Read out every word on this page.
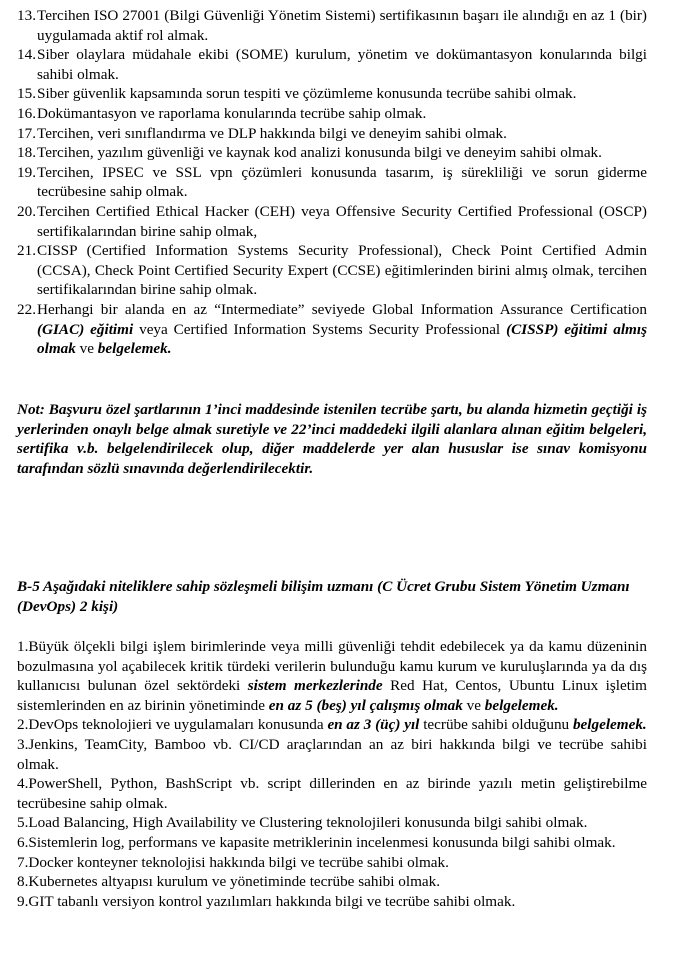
13. Tercihen ISO 27001 (Bilgi Güvenliği Yönetim Sistemi) sertifikasının başarı ile alındığı en az 1 (bir) uygulamada aktif rol almak.
14. Siber olaylara müdahale ekibi (SOME) kurulum, yönetim ve dokümantasyon konularında bilgi sahibi olmak.
15. Siber güvenlik kapsamında sorun tespiti ve çözümleme konusunda tecrübe sahibi olmak.
16. Dokümantasyon ve raporlama konularında tecrübe sahip olmak.
17. Tercihen, veri sınıflandırma ve DLP hakkında bilgi ve deneyim sahibi olmak.
18. Tercihen, yazılım güvenliği ve kaynak kod analizi konusunda bilgi ve deneyim sahibi olmak.
19. Tercihen, IPSEC ve SSL vpn çözümleri konusunda tasarım, iş sürekliliği ve sorun giderme tecrübesine sahip olmak.
20. Tercihen Certified Ethical Hacker (CEH) veya Offensive Security Certified Professional (OSCP) sertifikalarından birine sahip olmak,
21. CISSP (Certified Information Systems Security Professional), Check Point Certified Admin (CCSA), Check Point Certified Security Expert (CCSE) eğitimlerinden birini almış olmak, tercihen sertifikalarından birine sahip olmak.
22. Herhangi bir alanda en az “Intermediate” seviyede Global Information Assurance Certification (GIAC) eğitimi veya Certified Information Systems Security Professional (CISSP) eğitimi almış olmak ve belgelemek.

Not: Başvuru özel şartlarının 1’inci maddesinde istenilen tecrübe şartı, bu alanda hizmetin geçtiği iş yerlerinden onaylı belge almak suretiyle ve 22’inci maddedeki ilgili alanlara alınan eğitim belgeleri, sertifika v.b. belgelendirilecek olup, diğer maddelerde yer alan hususlar ise sınav komisyonu tarafından sözlü sınavında değerlendirilecektir.

B-5 Aşağıdaki niteliklere sahip sözleşmeli bilişim uzmanı (C Ücret Grubu Sistem Yönetim Uzmanı (DevOps) 2 kişi)

1.Büyük ölçekli bilgi işlem birimlerinde veya milli güvenliği tehdit edebilecek ya da kamu düzeninin bozulmasına yol açabilecek kritik türdeki verilerin bulunduğu kamu kurum ve kuruluşlarında ya da dış kullanıcısı bulunan özel sektördeki sistem merkezlerinde Red Hat, Centos, Ubuntu Linux işletim sistemlerinden en az birinin yönetiminde en az 5 (beş) yıl çalışmış olmak ve belgelemek.

2.DevOps teknolojieri ve uygulamaları konusunda en az 3 (üç) yıl tecrübe sahibi olduğunu belgelemek.

3.Jenkins, TeamCity, Bamboo vb. CI/CD araçlarından an az biri hakkında bilgi ve tecrübe sahibi olmak.

4.PowerShell, Python, BashScript vb. script dillerinden en az birinde yazılı metin geliştirebilme tecrübesine sahip olmak.

5.Load Balancing, High Availability ve Clustering teknolojileri konusunda bilgi sahibi olmak.

6.Sistemlerin log, performans ve kapasite metriklerinin incelenmesi konusunda bilgi sahibi olmak.

7.Docker konteyner teknolojisi hakkında bilgi ve tecrübe sahibi olmak.

8.Kubernetes altyapısı kurulum ve yönetiminde tecrübe sahibi olmak.

9.GIT tabanlı versiyon kontrol yazılımları hakkında bilgi ve tecrübe sahibi olmak.
